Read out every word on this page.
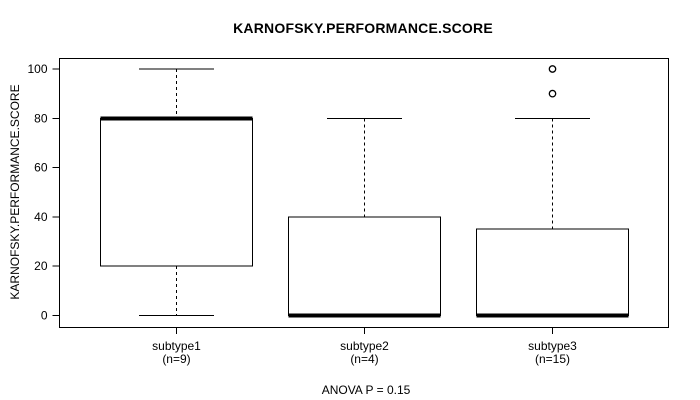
KARNOFSKY.PERFORMANCE.SCORE
KARNOFSKY.PERFORMANCE.SCORE
0
20
40
60
80
100
subtype1
(n=9)
subtype2
(n=4)
subtype3
(n=15)
ANOVA P = 0.15
